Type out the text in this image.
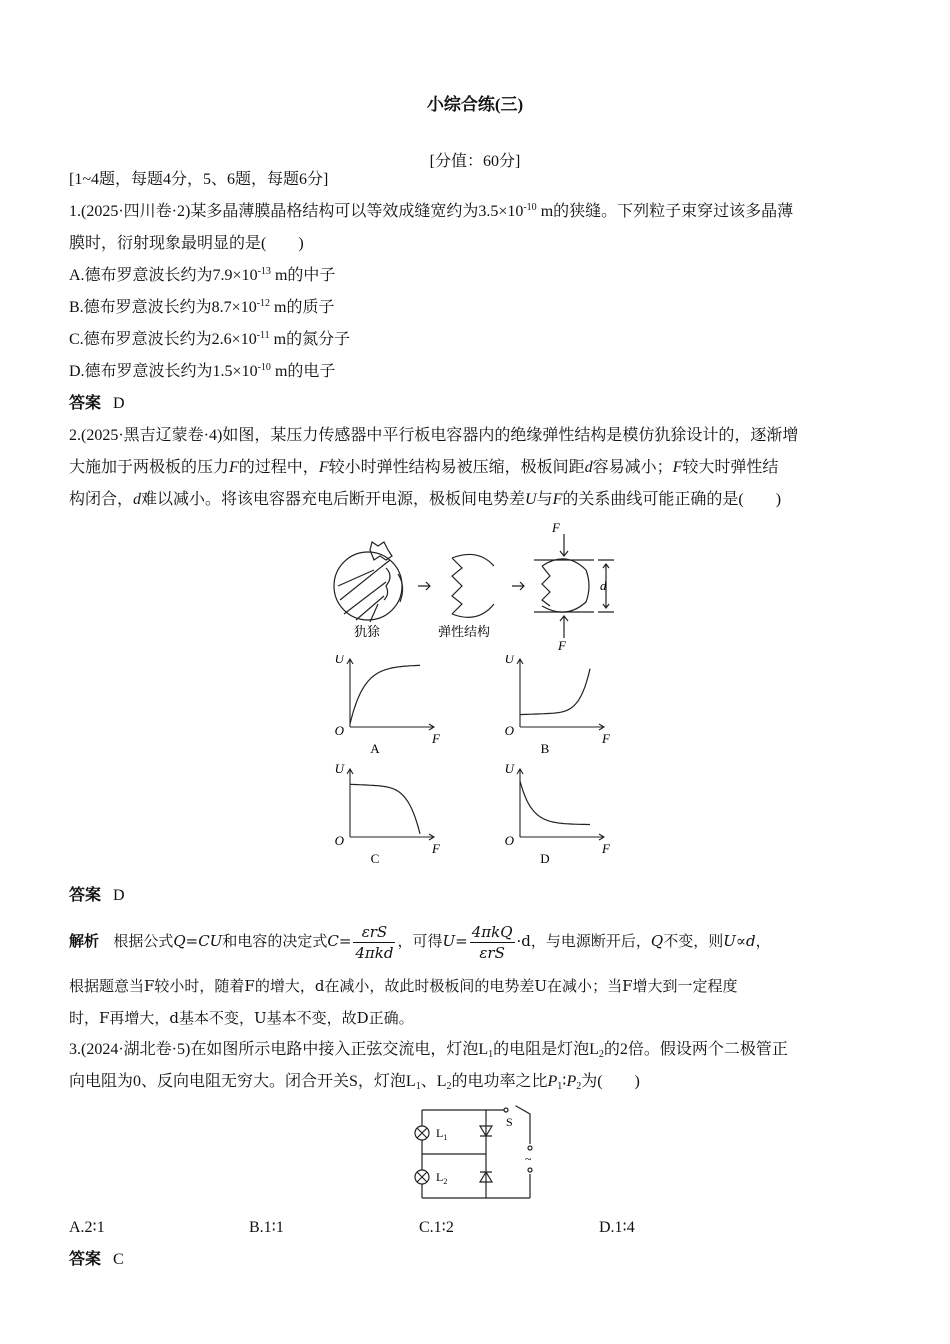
小综合练(三)
[分值：60分]
[1~4题，每题4分，5、6题，每题6分]
1.(2025·四川卷·2)某多晶薄膜晶格结构可以等效成缝宽约为$3.5\times 10^{-10}$ m的狭缝。下列粒子束穿过该多晶薄
膜时，衍射现象最明显的是(　　)
A.德布罗意波长约为$7.9\times 10^{-13}$ m的中子
B.德布罗意波长约为$8.7\times 10^{-12}$ m的质子
C.德布罗意波长约为$2.6\times 10^{-11}$ m的氮分子
D.德布罗意波长约为$1.5\times 10^{-10}$ m的电子
答案 D
2.(2025·黑吉辽蒙卷·4)如图，某压力传感器中平行板电容器内的绝缘弹性结构是模仿犰狳设计的，逐渐增
大施加于两极板的压力F的过程中，F较小时弹性结构易被压缩，极板间距d容易减小；F较大时弹性结
构闭合，d难以减小。将该电容器充电后断开电源，极板间电势差U与F的关系曲线可能正确的是(　　)
F
F
d
犰狳	弹性结构
U
F
O
A
U
F
O
B
U
F
O
C
U
F
O
D
答案 D
解析 根据公式Q=CU和电容的决定式$C= \frac{\text{εrS}}{\text{4πkd}}$ ，可得$U= \frac{\text{4πkQ}}{\text{εrS}} \cdot d$，与电源断开后，Q不变，则U∝d，
根据题意当F较小时，随着F的增大，d在减小，故此时极板间的电势差U在减小；当F增大到一定程度
时，F再增大，d基本不变，U基本不变，故D正确。
3.(2024·湖北卷·5)在如图所示电路中接入正弦交流电，灯泡$L_1$的电阻是灯泡$L_2$的2倍。假设两个二极管正
向电阻为0、反向电阻无穷大。闭合开关S，灯泡$L_1$、$L_2$的电功率之比$P_1∶P_2$为(　　)
$L_1$
$L_2$
S
~
A.2∶1	B.1∶1	C.1∶2	D.1∶4
答案 C
